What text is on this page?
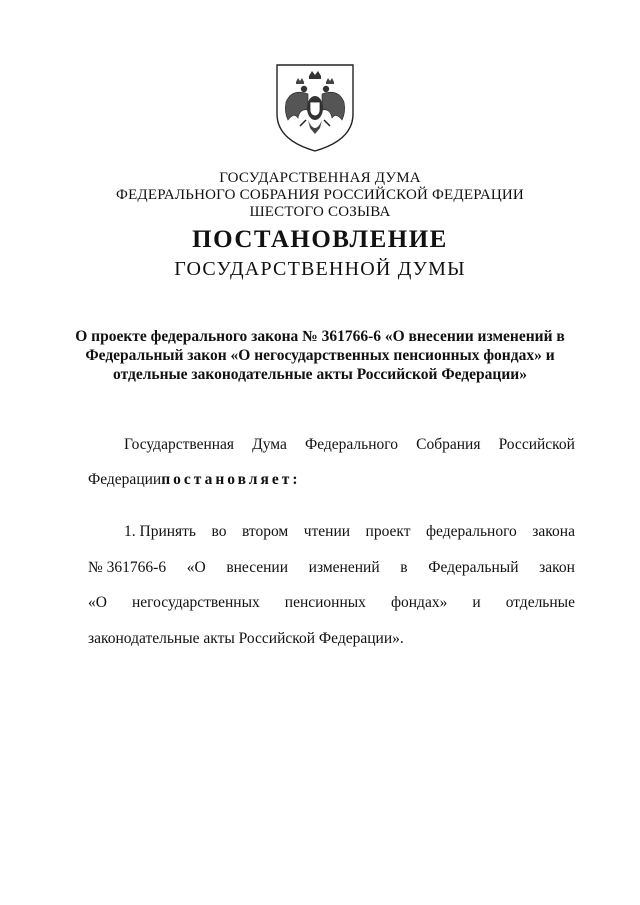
ГОСУДАРСТВЕННАЯ ДУМА
ФЕДЕРАЛЬНОГО СОБРАНИЯ РОССИЙСКОЙ ФЕДЕРАЦИИ
ШЕСТОГО СОЗЫВА
ПОСТАНОВЛЕНИЕ
ГОСУДАРСТВЕННОЙ ДУМЫ
О проекте федерального закона № 361766-6 «О внесении изменений в
Федеральный закон «О негосударственных пенсионных фондах» и
отдельные законодательные акты Российской Федерации»
Государственная Дума Федерального Собрания Российской
Федерациипостановляет:
1. Принять во втором чтении проект федерального закона
№ 361766-6 «О внесении изменений в Федеральный закон
«О негосударственных пенсионных фондах» и отдельные
законодательные акты Российской Федерации».
